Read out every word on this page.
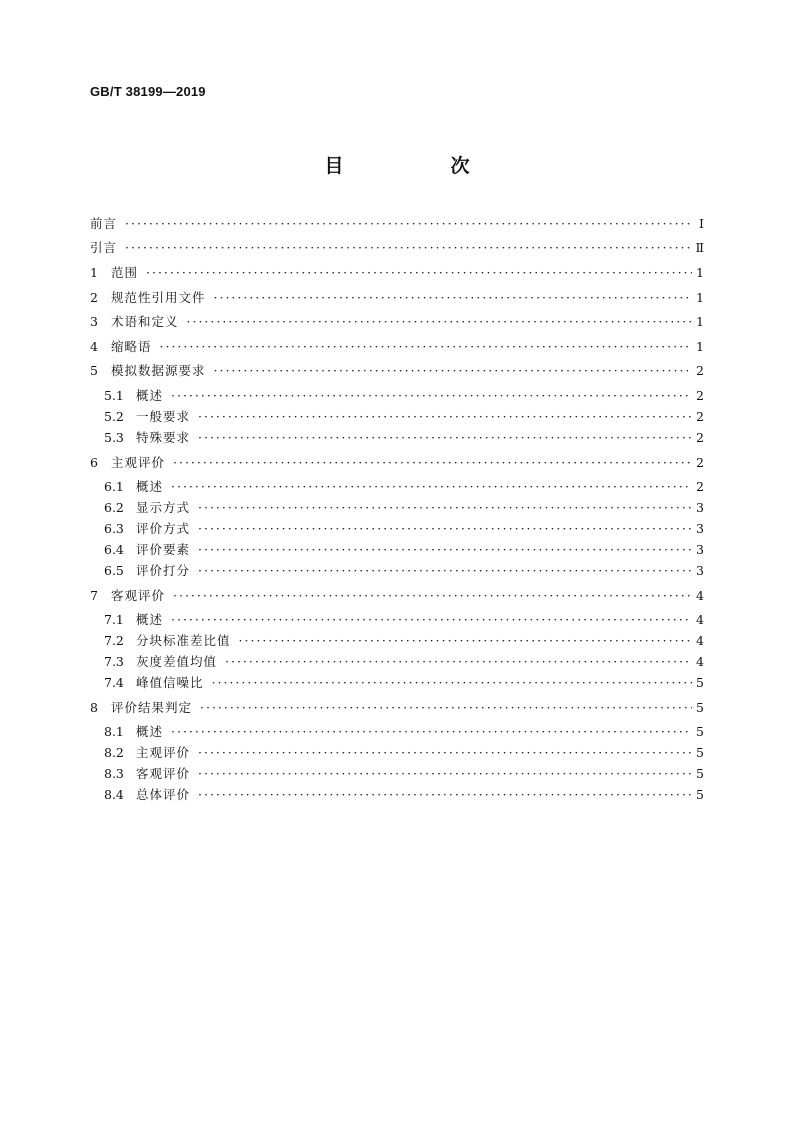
GB/T 38199—2019
目　次
前言 ·····	Ⅰ
引言 ·····	Ⅱ
1	范围 ·····	1
2	规范性引用文件 ·····	1
3	术语和定义 ·····	1
4	缩略语 ·····	1
5	模拟数据源要求 ·····	2
5.1 概述 ·····	2
5.2 一般要求 ·····	2
5.3 特殊要求 ·····	2
6	主观评价 ·····	2
6.1 概述 ·····	2
6.2 显示方式 ·····	3
6.3 评价方式 ·····	3
6.4 评价要素 ·····	3
6.5 评价打分 ·····	3
7	客观评价 ·····	4
7.1 概述 ·····	4
7.2 分块标准差比值 ·····	4
7.3 灰度差值均值 ·····	4
7.4 峰值信噪比 ·····	5
8	评价结果判定 ·····	5
8.1 概述 ·····	5
8.2 主观评价 ·····	5
8.3 客观评价 ·····	5
8.4 总体评价 ·····	5
